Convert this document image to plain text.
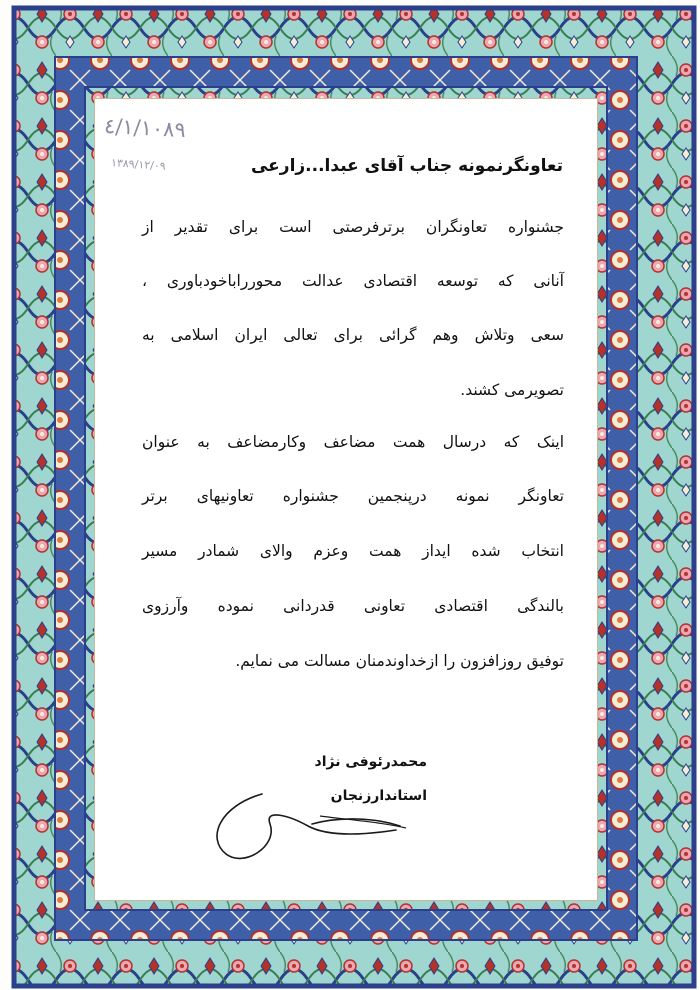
٤/١/١٠٨٩
١٣٨٩/١٢/٠٩	تعاونگرنمونه جناب آقای عبدا...زارعی
جشنواره تعاونگران برترفرصتی است برای تقدیر از
آنانی که توسعه اقتصادی عدالت محوررابا‌خودباوری ،
سعی وتلاش وهم گرائی برای تعالی ایران اسلامی به
تصویرمی کشند.
اینک که درسال همت مضاعف وکارمضاعف به عنوان
تعاونگر نمونه درپنجمین جشنواره تعاونیهای برتر
انتخاب شده ایداز همت وعزم والای شمادر مسیر
بالندگی اقتصادی تعاونی قدردانی نموده وآرزوی
توفیق روزافزون را ازخداوندمنان مسالت می نمایم.
محمدرئوفی نژاد
استاندارزنجان
